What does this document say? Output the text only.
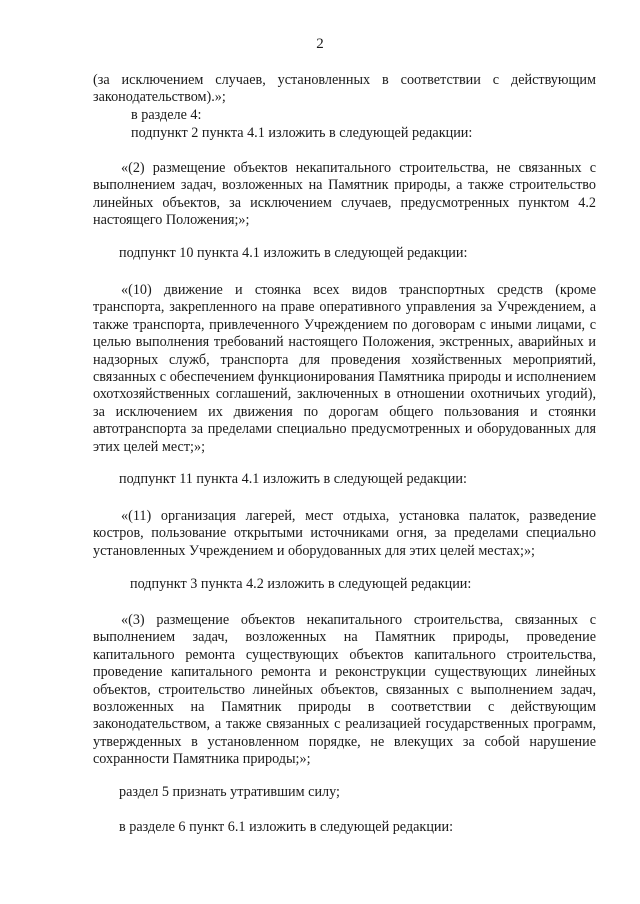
2
(за исключением случаев, установленных в соответствии с действующим законодательством).»;
в разделе 4:
подпункт 2 пункта 4.1 изложить в следующей редакции:
«(2) размещение объектов некапитального строительства, не связанных с выполнением задач, возложенных на Памятник природы, а также строительство линейных объектов, за исключением случаев, предусмотренных пунктом 4.2 настоящего Положения;»;
подпункт 10 пункта 4.1 изложить в следующей редакции:
«(10) движение и стоянка всех видов транспортных средств (кроме транспорта, закрепленного на праве оперативного управления за Учреждением, а также транспорта, привлеченного Учреждением по договорам с иными лицами, с целью выполнения требований настоящего Положения, экстренных, аварийных и надзорных служб, транспорта для проведения хозяйственных мероприятий, связанных с обеспечением функционирования Памятника природы и исполнением охотхозяйственных соглашений, заключенных в отношении охотничьих угодий), за исключением их движения по дорогам общего пользования и стоянки автотранспорта за пределами специально предусмотренных и оборудованных для этих целей мест;»;
подпункт 11 пункта 4.1 изложить в следующей редакции:
«(11) организация лагерей, мест отдыха, установка палаток, разведение костров, пользование открытыми источниками огня, за пределами специально установленных Учреждением и оборудованных для этих целей местах;»;
подпункт 3 пункта 4.2 изложить в следующей редакции:
«(3) размещение объектов некапитального строительства, связанных с выполнением задач, возложенных на Памятник природы, проведение капитального ремонта существующих объектов капитального строительства, проведение капитального ремонта и реконструкции существующих линейных объектов, строительство линейных объектов, связанных с выполнением задач, возложенных на Памятник природы в соответствии с действующим законодательством, а также связанных с реализацией государственных программ, утвержденных в установленном порядке, не влекущих за собой нарушение сохранности Памятника природы;»;
раздел 5 признать утратившим силу;
в разделе 6 пункт 6.1 изложить в следующей редакции:
